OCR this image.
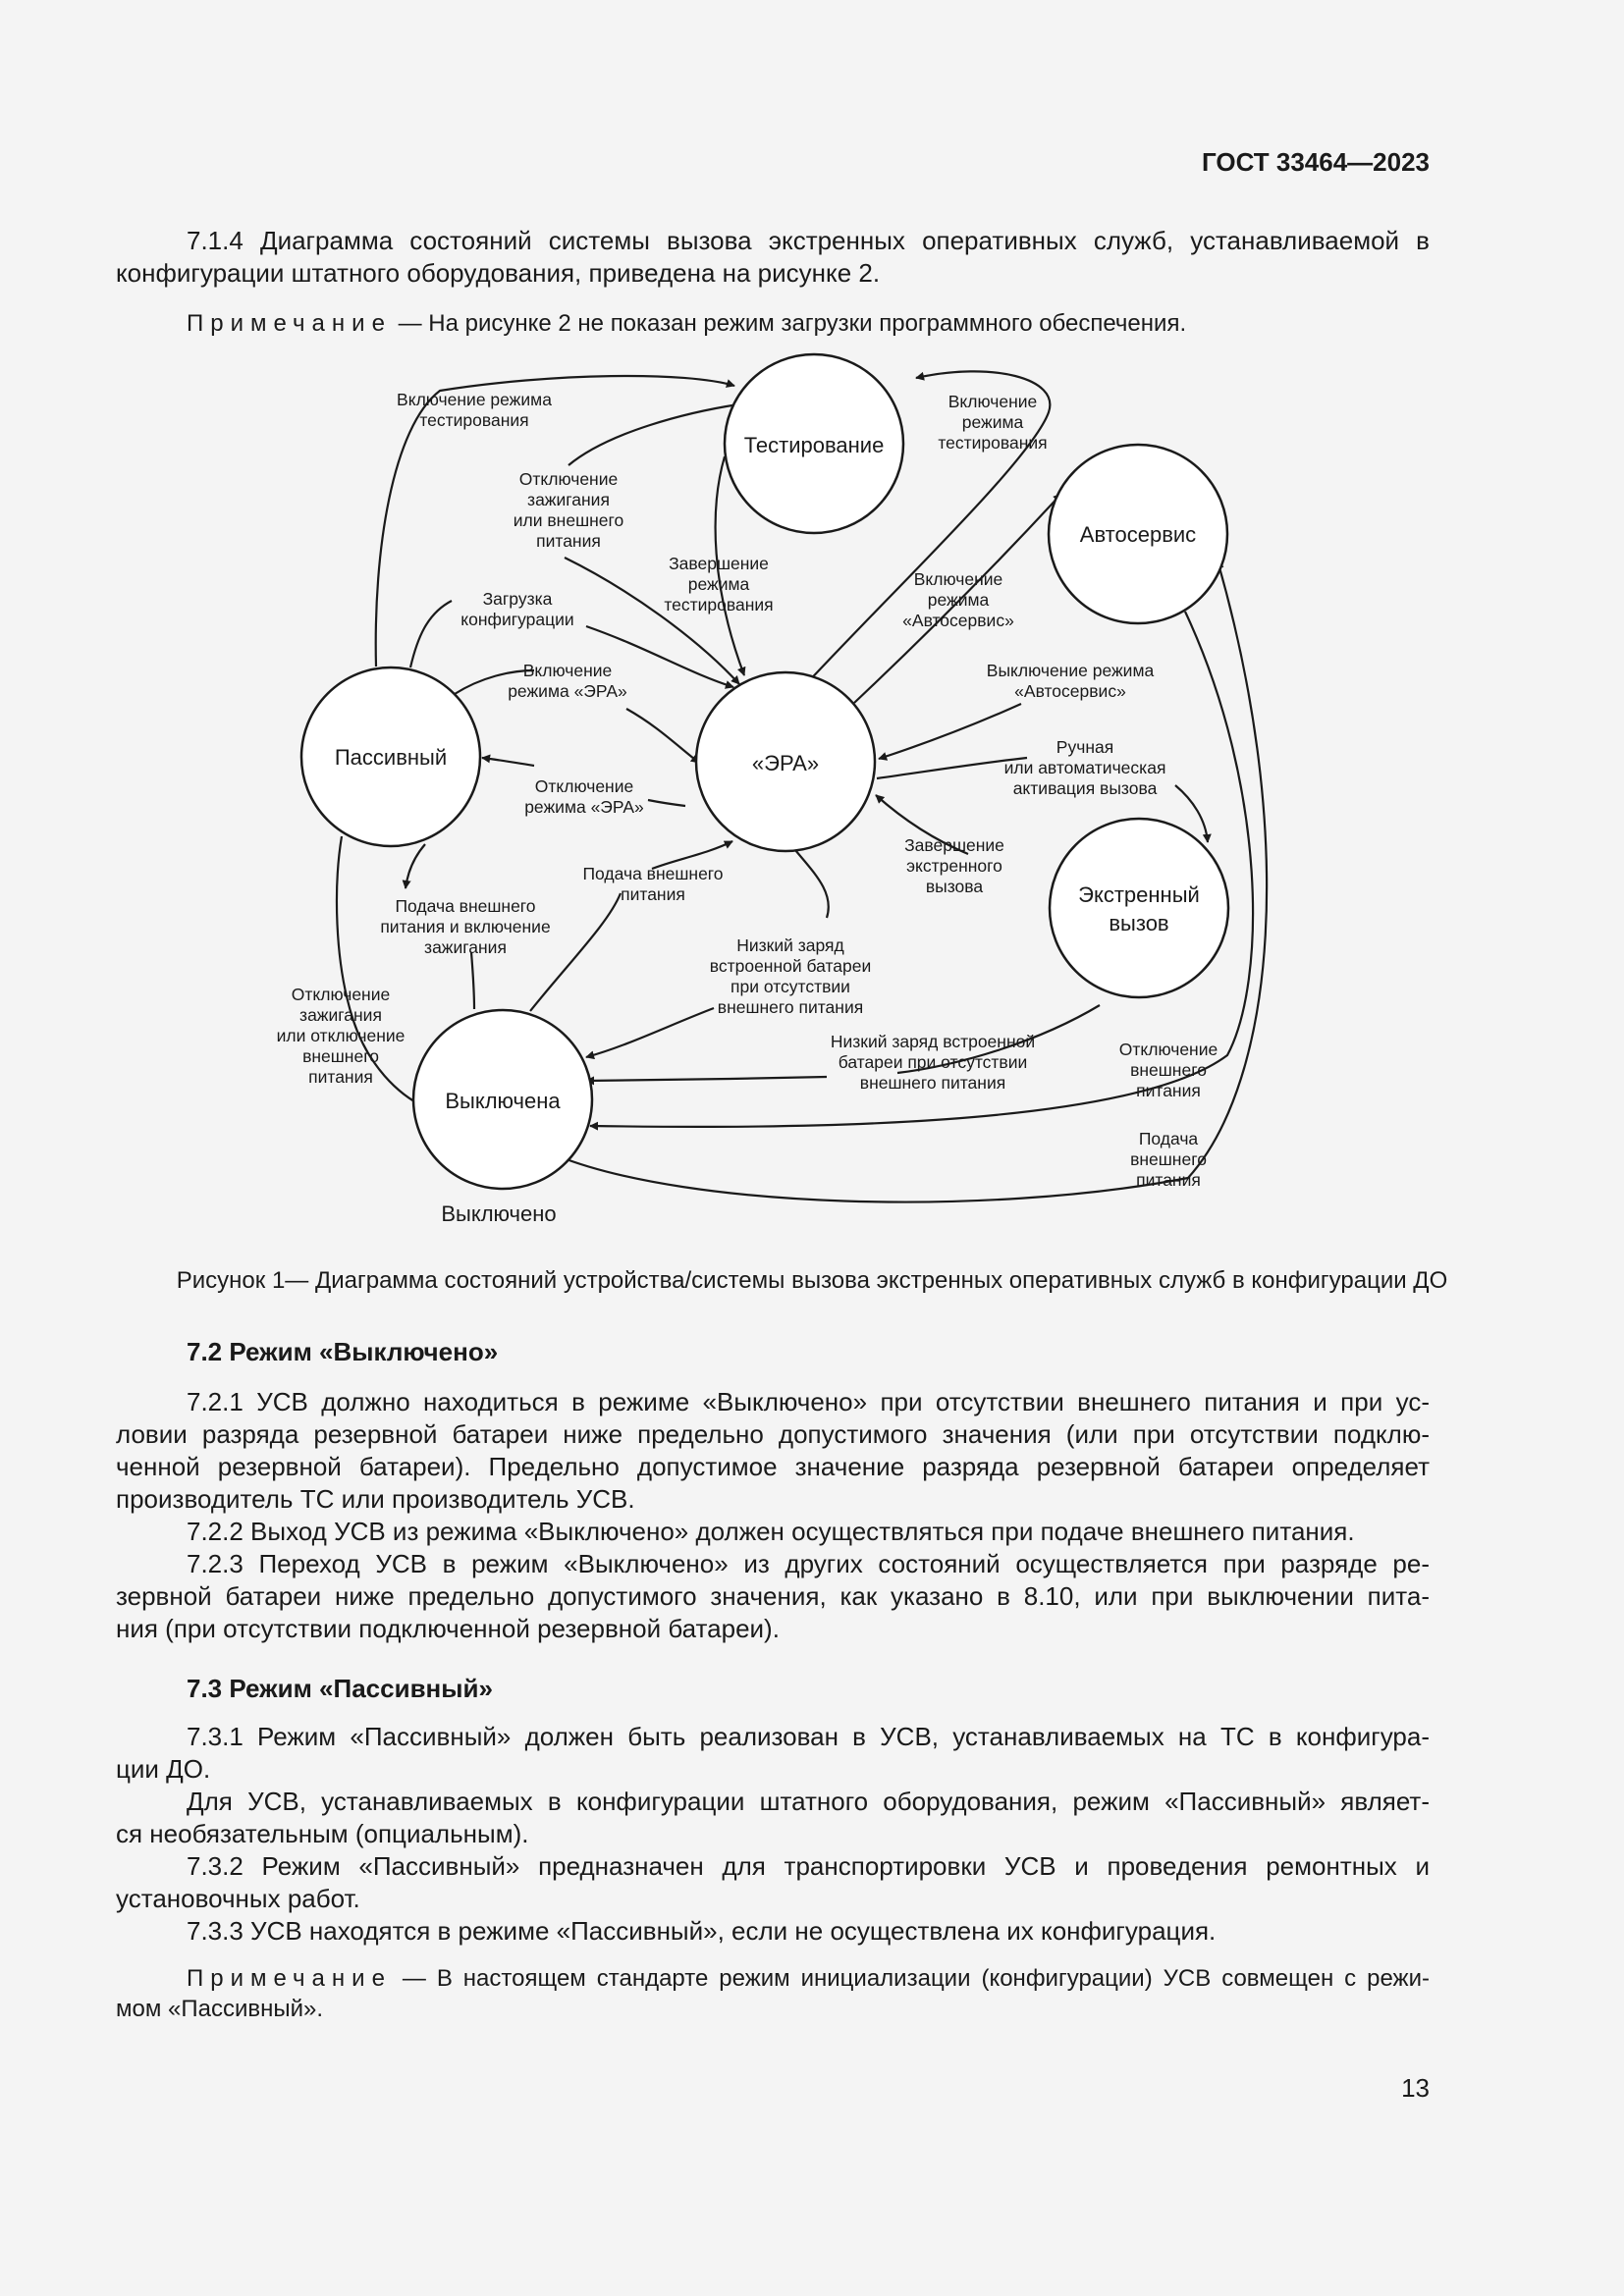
ГОСТ 33464—2023

7.1.4 Диаграмма состояний системы вызова экстренных оперативных служб, устанавливаемой в

конфигурации штатного оборудования, приведена на рисунке 2.

Примечание — На рисунке 2 не показан режим загрузки программного обеспечения.

Тестирование
Автосервис
Пассивный	«ЭРА»
Экстренный
вызов
Выключена
Выключено
Включение режима
тестирования
Включение
режима
тестирования
Отключение
зажигания
или внешнего
питания
Завершение
режима
тестирования
Включение
режима
«Автосервис»
Загрузка
конфигурации
Включение
режима «ЭРА»
Выключение режима
«Автосервис»
Ручная
или автоматическая
активация вызова
Отключение
режима «ЭРА»
Завершение
экстренного
вызова
Подача внешнего
питания
Подача внешнего
питания и включение
зажигания	Низкий заряд
встроенной батареи
при отсутствии
внешнего питания
Отключение
зажигания
или отключение
внешнего
питания
Низкий заряд встроенной
батареи при отсутствии
внешнего питания
Отключение
внешнего
питания
Подача
внешнего
питания
Рисунок 1— Диаграмма состояний устройства/системы вызова экстренных оперативных служб в конфигурации ДО
7.2 Режим «Выключено»

7.2.1 УСВ должно находиться в режиме «Выключено» при отсутствии внешнего питания и при ус-

ловии разряда резервной батареи ниже предельно допустимого значения (или при отсутствии подклю-

ченной резервной батареи). Предельно допустимое значение разряда резервной батареи определяет

производитель ТС или производитель УСВ.

7.2.2 Выход УСВ из режима «Выключено» должен осуществляться при подаче внешнего питания.

7.2.3 Переход УСВ в режим «Выключено» из других состояний осуществляется при разряде ре-

зервной батареи ниже предельно допустимого значения, как указано в 8.10, или при выключении пита-

ния (при отсутствии подключенной резервной батареи).

7.3 Режим «Пассивный»

7.3.1 Режим «Пассивный» должен быть реализован в УСВ, устанавливаемых на ТС в конфигура-

ции ДО.

Для УСВ, устанавливаемых в конфигурации штатного оборудования, режим «Пассивный» являет-

ся необязательным (опциальным).

7.3.2 Режим «Пассивный» предназначен для транспортировки УСВ и проведения ремонтных и

установочных работ.

7.3.3 УСВ находятся в режиме «Пассивный», если не осуществлена их конфигурация.

Примечание — В настоящем стандарте режим инициализации (конфигурации) УСВ совмещен с режи-

мом «Пассивный».

13
